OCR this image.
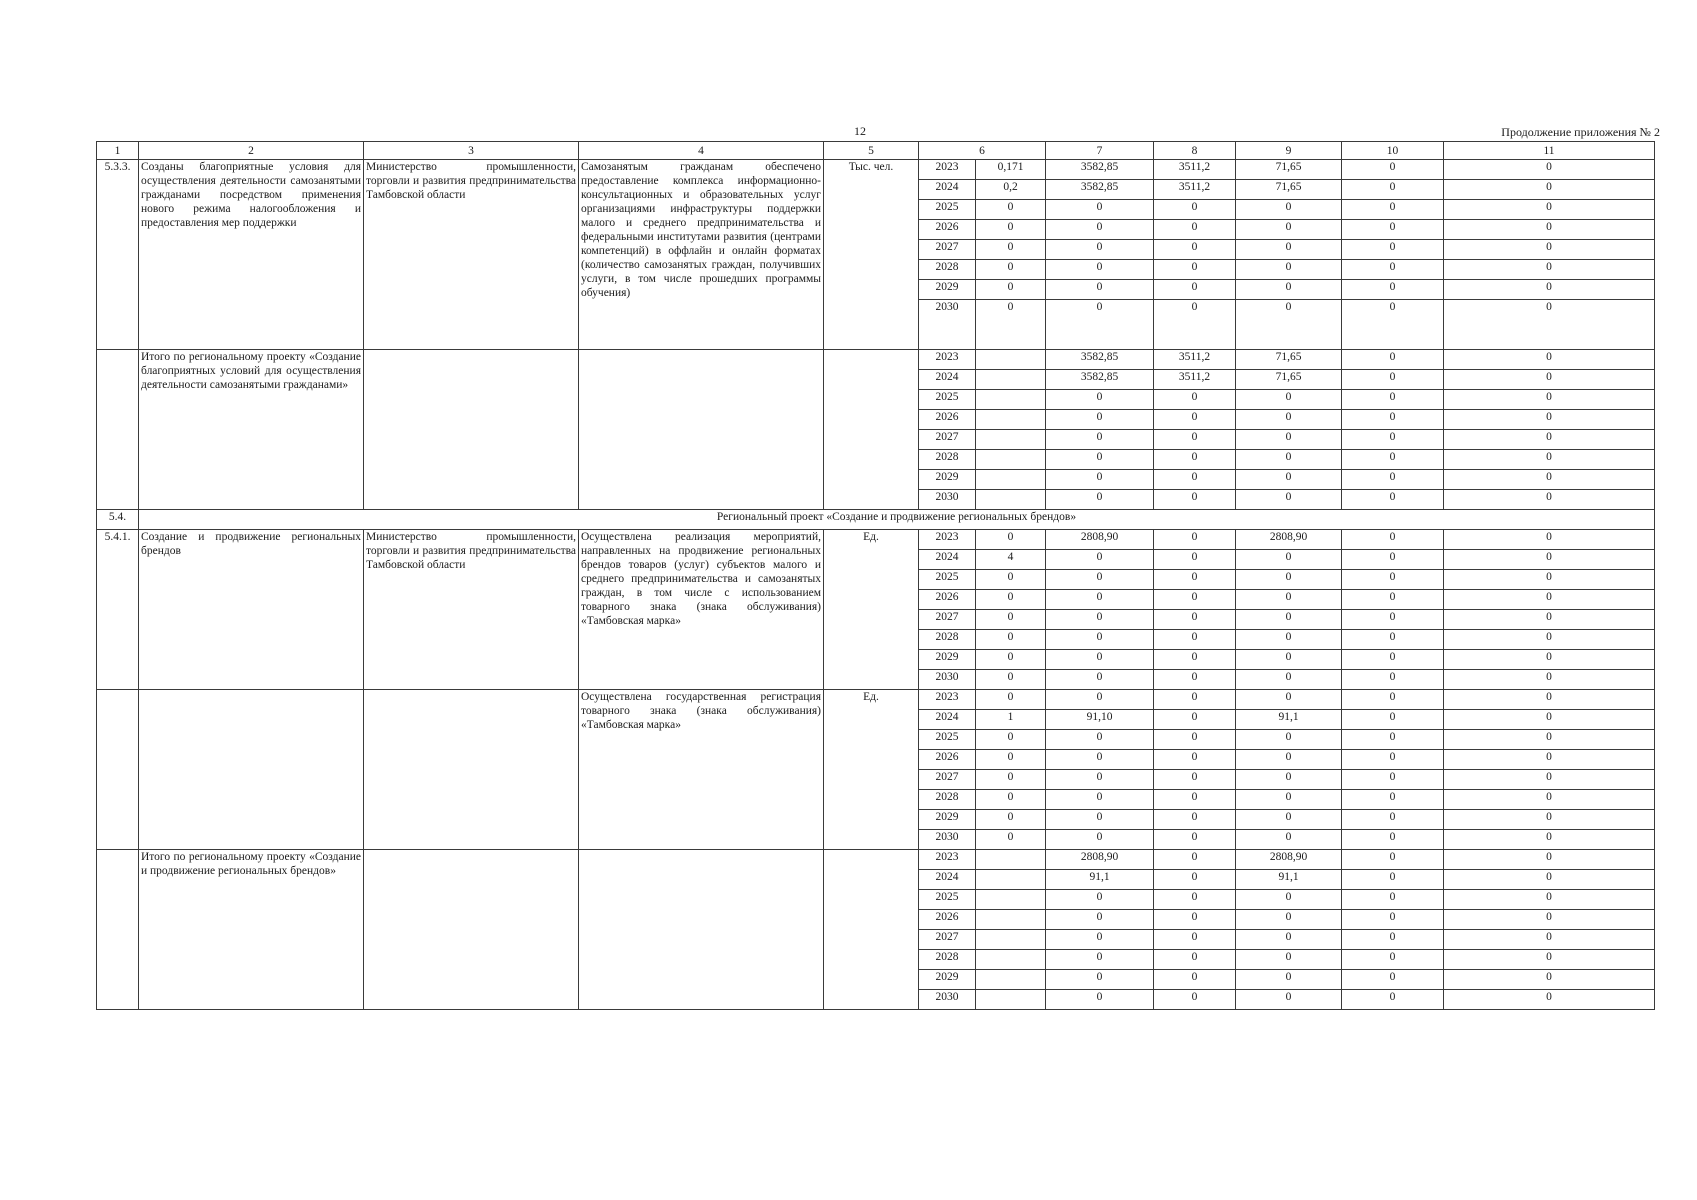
12	Продолжение приложения № 2
1	2	3	4	5	6		7	8	9	10	11
5.3.3.	Созданы благоприятные условия для осуществления деятельности самозанятыми гражданами посредством применения нового режима налогообложения и предоставления мер поддержки	Министерство промышленности, торговли и развития предпринимательства Тамбовской области	Самозанятым гражданам обеспечено предоставление комплекса информационно-консультационных и образовательных услуг организациями инфраструктуры поддержки малого и среднего предпринимательства и федеральными институтами развития (центрами компетенций) в оффлайн и онлайн форматах (количество самозанятых граждан, получивших услуги, в том числе прошедших программы обучения)	Тыс. чел.	2023	0,171	3582,85	3511,2	71,65	0	0
					2024	0,2	3582,85	3511,2	71,65	0	0
					2025	0	0	0	0	0	0
					2026	0	0	0	0	0	0
					2027	0	0	0	0	0	0
					2028	0	0	0	0	0	0
					2029	0	0	0	0	0	0
					2030	0	0	0	0	0	0
	Итого по региональному проекту «Создание благоприятных условий для осуществления деятельности самозанятыми гражданами»				2023		3582,85	3511,2	71,65	0	0
					2024		3582,85	3511,2	71,65	0	0
					2025		0	0	0	0	0
					2026		0	0	0	0	0
					2027		0	0	0	0	0
					2028		0	0	0	0	0
					2029		0	0	0	0	0
					2030		0	0	0	0	0
5.4.	Региональный проект «Создание и продвижение региональных брендов»										
5.4.1.	Создание и продвижение региональных брендов	Министерство промышленности, торговли и развития предпринимательства Тамбовской области	Осуществлена реализация мероприятий, направленных на продвижение региональных брендов товаров (услуг) субъектов малого и среднего предпринимательства и самозанятых граждан, в том числе с использованием товарного знака (знака обслуживания) «Тамбовская марка»	Ед.	2023	0	2808,90	0	2808,90	0	0
					2024	4	0	0	0	0	0
					2025	0	0	0	0	0	0
					2026	0	0	0	0	0	0
					2027	0	0	0	0	0	0
					2028	0	0	0	0	0	0
					2029	0	0	0	0	0	0
					2030	0	0	0	0	0	0
			Осуществлена государственная регистрация товарного знака (знака обслуживания) «Тамбовская марка»	Ед.	2023	0	0	0	0	0	0
					2024	1	91,10	0	91,1	0	0
					2025	0	0	0	0	0	0
					2026	0	0	0	0	0	0
					2027	0	0	0	0	0	0
					2028	0	0	0	0	0	0
					2029	0	0	0	0	0	0
					2030	0	0	0	0	0	0
	Итого по региональному проекту «Создание и продвижение региональных брендов»				2023		2808,90	0	2808,90	0	0
					2024		91,1	0	91,1	0	0
					2025		0	0	0	0	0
					2026		0	0	0	0	0
					2027		0	0	0	0	0
					2028		0	0	0	0	0
					2029		0	0	0	0	0
					2030		0	0	0	0	0
